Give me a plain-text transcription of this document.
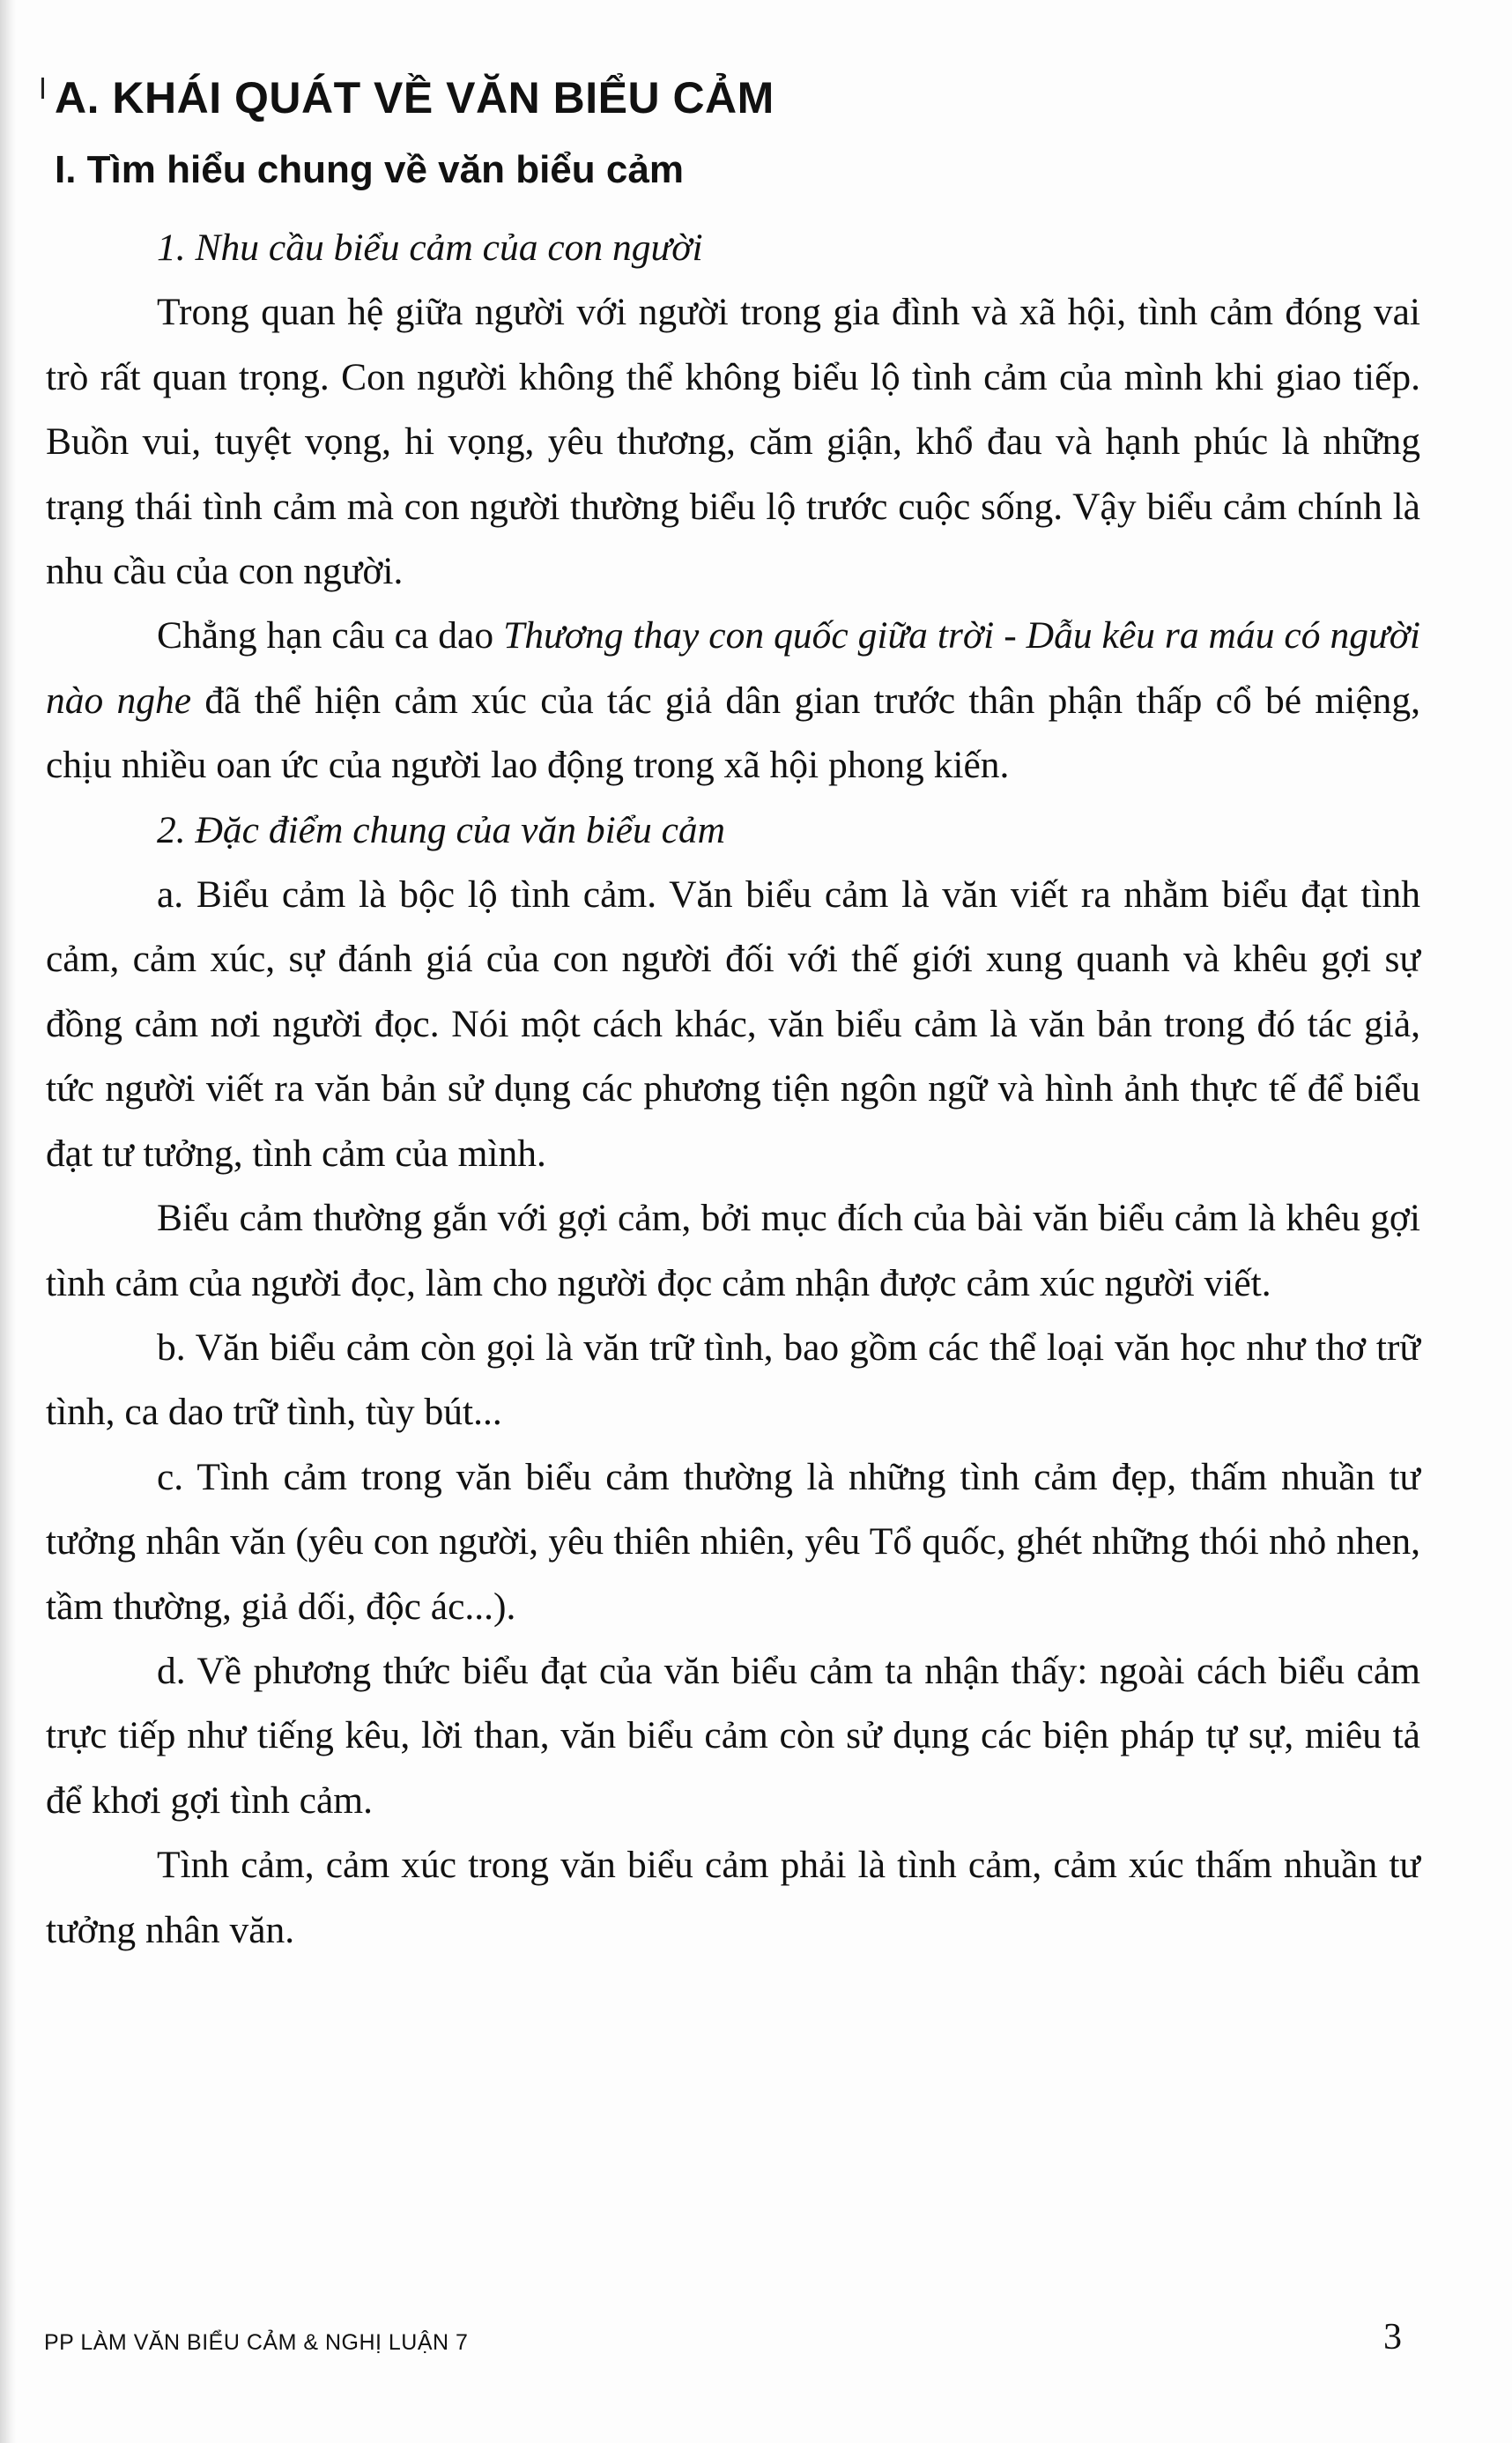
A. KHÁI QUÁT VỀ VĂN BIỂU CẢM
I. Tìm hiểu chung về văn biểu cảm

1. Nhu cầu biểu cảm của con người

Trong quan hệ giữa người với người trong gia đình và xã hội, tình cảm đóng vai trò rất quan trọng. Con người không thể không biểu lộ tình cảm của mình khi giao tiếp. Buồn vui, tuyệt vọng, hi vọng, yêu thương, căm giận, khổ đau và hạnh phúc là những trạng thái tình cảm mà con người thường biểu lộ trước cuộc sống. Vậy biểu cảm chính là nhu cầu của con người.

Chẳng hạn câu ca dao Thương thay con quốc giữa trời - Dẫu kêu ra máu có người nào nghe đã thể hiện cảm xúc của tác giả dân gian trước thân phận thấp cổ bé miệng, chịu nhiều oan ức của người lao động trong xã hội phong kiến.

2. Đặc điểm chung của văn biểu cảm

a. Biểu cảm là bộc lộ tình cảm. Văn biểu cảm là văn viết ra nhằm biểu đạt tình cảm, cảm xúc, sự đánh giá của con người đối với thế giới xung quanh và khêu gợi sự đồng cảm nơi người đọc. Nói một cách khác, văn biểu cảm là văn bản trong đó tác giả, tức người viết ra văn bản sử dụng các phương tiện ngôn ngữ và hình ảnh thực tế để biểu đạt tư tưởng, tình cảm của mình.

Biểu cảm thường gắn với gợi cảm, bởi mục đích của bài văn biểu cảm là khêu gợi tình cảm của người đọc, làm cho người đọc cảm nhận được cảm xúc người viết.

b. Văn biểu cảm còn gọi là văn trữ tình, bao gồm các thể loại văn học như thơ trữ tình, ca dao trữ tình, tùy bút...

c. Tình cảm trong văn biểu cảm thường là những tình cảm đẹp, thấm nhuần tư tưởng nhân văn (yêu con người, yêu thiên nhiên, yêu Tổ quốc, ghét những thói nhỏ nhen, tầm thường, giả dối, độc ác...).

d. Về phương thức biểu đạt của văn biểu cảm ta nhận thấy: ngoài cách biểu cảm trực tiếp như tiếng kêu, lời than, văn biểu cảm còn sử dụng các biện pháp tự sự, miêu tả để khơi gợi tình cảm.

Tình cảm, cảm xúc trong văn biểu cảm phải là tình cảm, cảm xúc thấm nhuần tư tưởng nhân văn.

PP LÀM VĂN BIỂU CẢM & NGHỊ LUẬN 7	3
